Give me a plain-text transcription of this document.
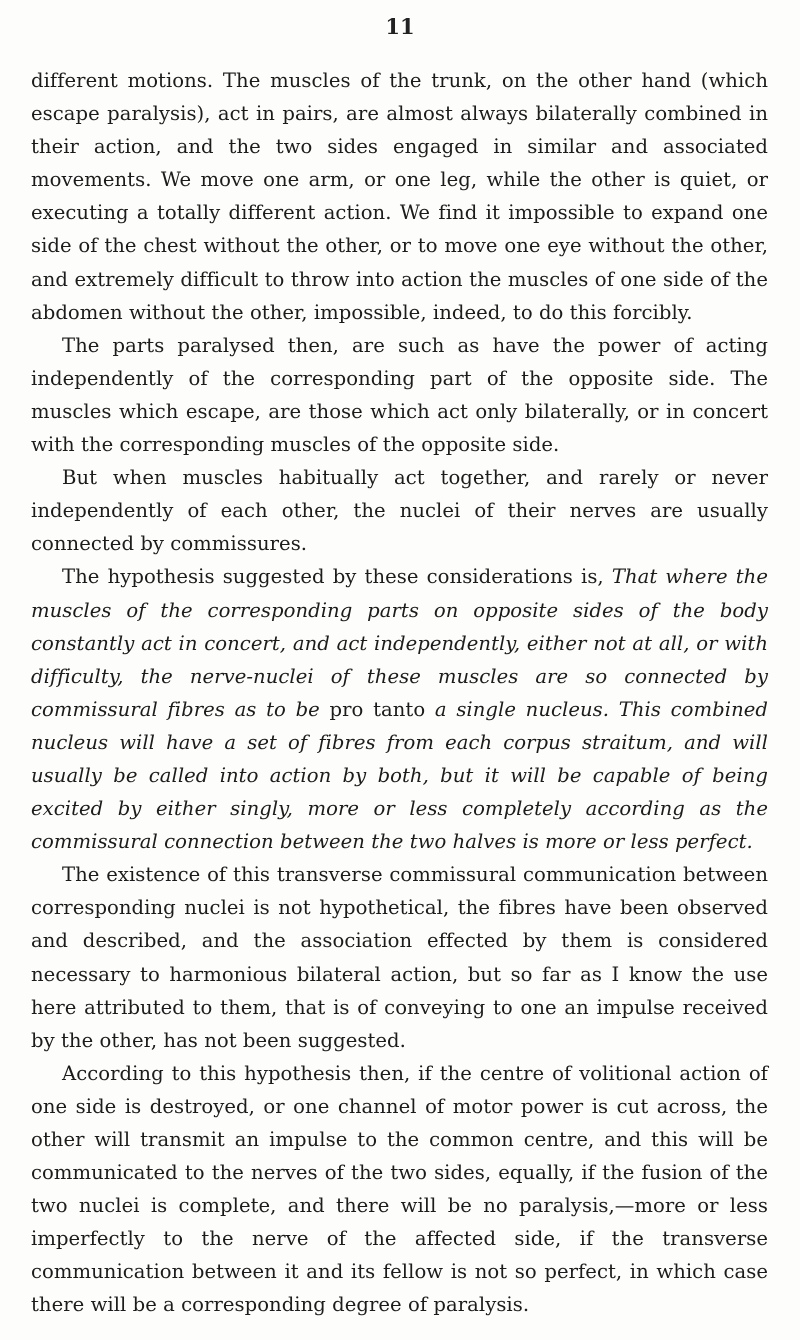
11

different motions. The muscles of the trunk, on the other hand (which escape paralysis), act in pairs, are almost always bilaterally combined in their action, and the two sides engaged in similar and associated movements. We move one arm, or one leg, while the other is quiet, or executing a totally different action. We find it impossible to expand one side of the chest without the other, or to move one eye without the other, and extremely difficult to throw into action the muscles of one side of the abdomen without the other, impossible, indeed, to do this forcibly.

The parts paralysed then, are such as have the power of acting independently of the corresponding part of the opposite side. The muscles which escape, are those which act only bilaterally, or in concert with the corresponding muscles of the opposite side.

But when muscles habitually act together, and rarely or never independently of each other, the nuclei of their nerves are usually connected by commissures.

The hypothesis suggested by these considerations is, That where the muscles of the corresponding parts on opposite sides of the body constantly act in concert, and act independently, either not at all, or with difficulty, the nerve-nuclei of these muscles are so connected by commissural fibres as to be pro tanto a single nucleus. This combined nucleus will have a set of fibres from each corpus straitum, and will usually be called into action by both, but it will be capable of being excited by either singly, more or less completely according as the commissural connection between the two halves is more or less perfect.

The existence of this transverse commissural communication between corresponding nuclei is not hypothetical, the fibres have been observed and described, and the association effected by them is considered necessary to harmonious bilateral action, but so far as I know the use here attributed to them, that is of conveying to one an impulse received by the other, has not been suggested.

According to this hypothesis then, if the centre of volitional action of one side is destroyed, or one channel of motor power is cut across, the other will transmit an impulse to the common centre, and this will be communicated to the nerves of the two sides, equally, if the fusion of the two nuclei is complete, and there will be no paralysis,—more or less imperfectly to the nerve of the affected side, if the transverse communication between it and its fellow is not so perfect, in which case there will be a corresponding degree of paralysis.
